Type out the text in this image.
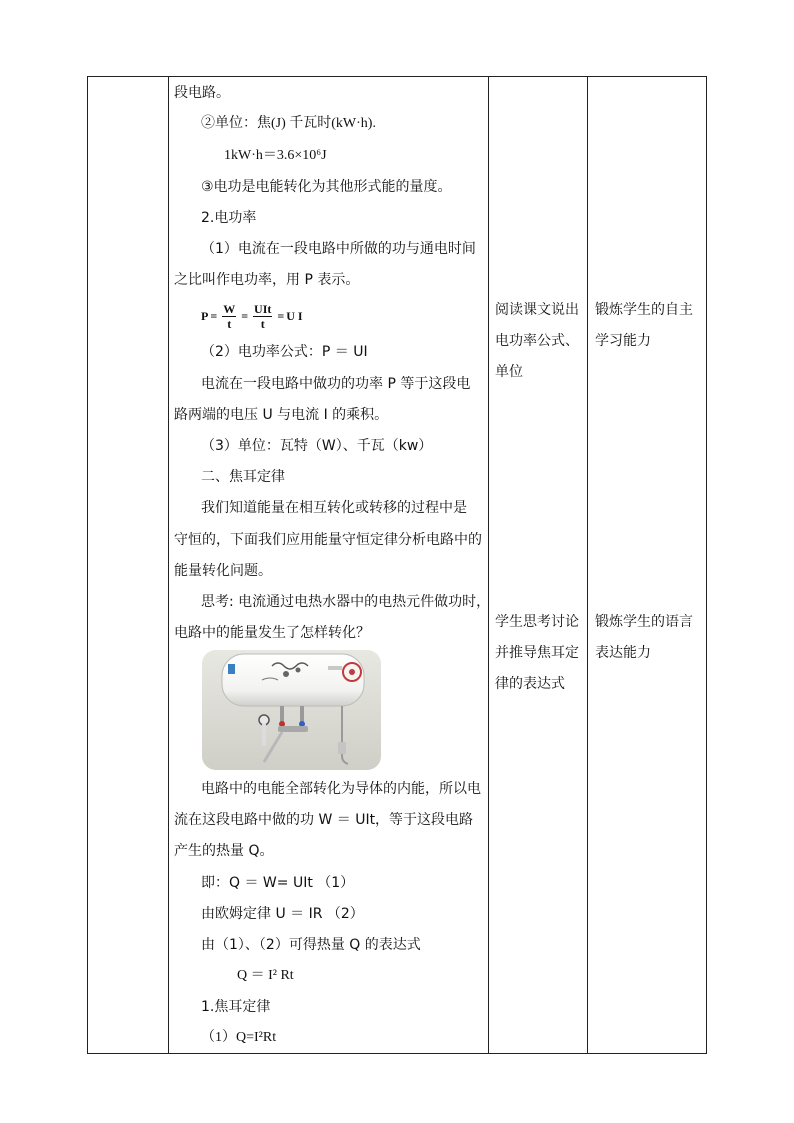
段电路。
②单位：焦(J) 千瓦时(kW·h).
1kW·h＝3.6×10⁶J
③电功是电能转化为其他形式能的量度。
2.电功率
（1）电流在一段电路中所做的功与通电时间
之比叫作电功率，用 P 表示。
$P = \frac{W}{t} = \frac{\text{UIt}}{t} = U$ I
（2）电功率公式：P ＝ UI
电流在一段电路中做功的功率 P 等于这段电
路两端的电压 U 与电流 I 的乘积。
（3）单位：瓦特（W）、千瓦（kw）
二、焦耳定律
我们知道能量在相互转化或转移的过程中是
守恒的，下面我们应用能量守恒定律分析电路中的
能量转化问题。
思考: 电流通过电热水器中的电热元件做功时，
电路中的能量发生了怎样转化？
电路中的电能全部转化为导体的内能，所以电
流在这段电路中做的功 W ＝ UIt，等于这段电路
产生的热量 Q。
即：Q ＝ W= UIt （1）
由欧姆定律 U ＝ IR （2）
由（1）、（2）可得热量 Q 的表达式
Q ＝ I² Rt
1.焦耳定律
（1）Q=I²Rt
阅读课文说出
电功率公式、
单位
学生思考讨论
并推导焦耳定
律的表达式
锻炼学生的自主
学习能力
锻炼学生的语言
表达能力
